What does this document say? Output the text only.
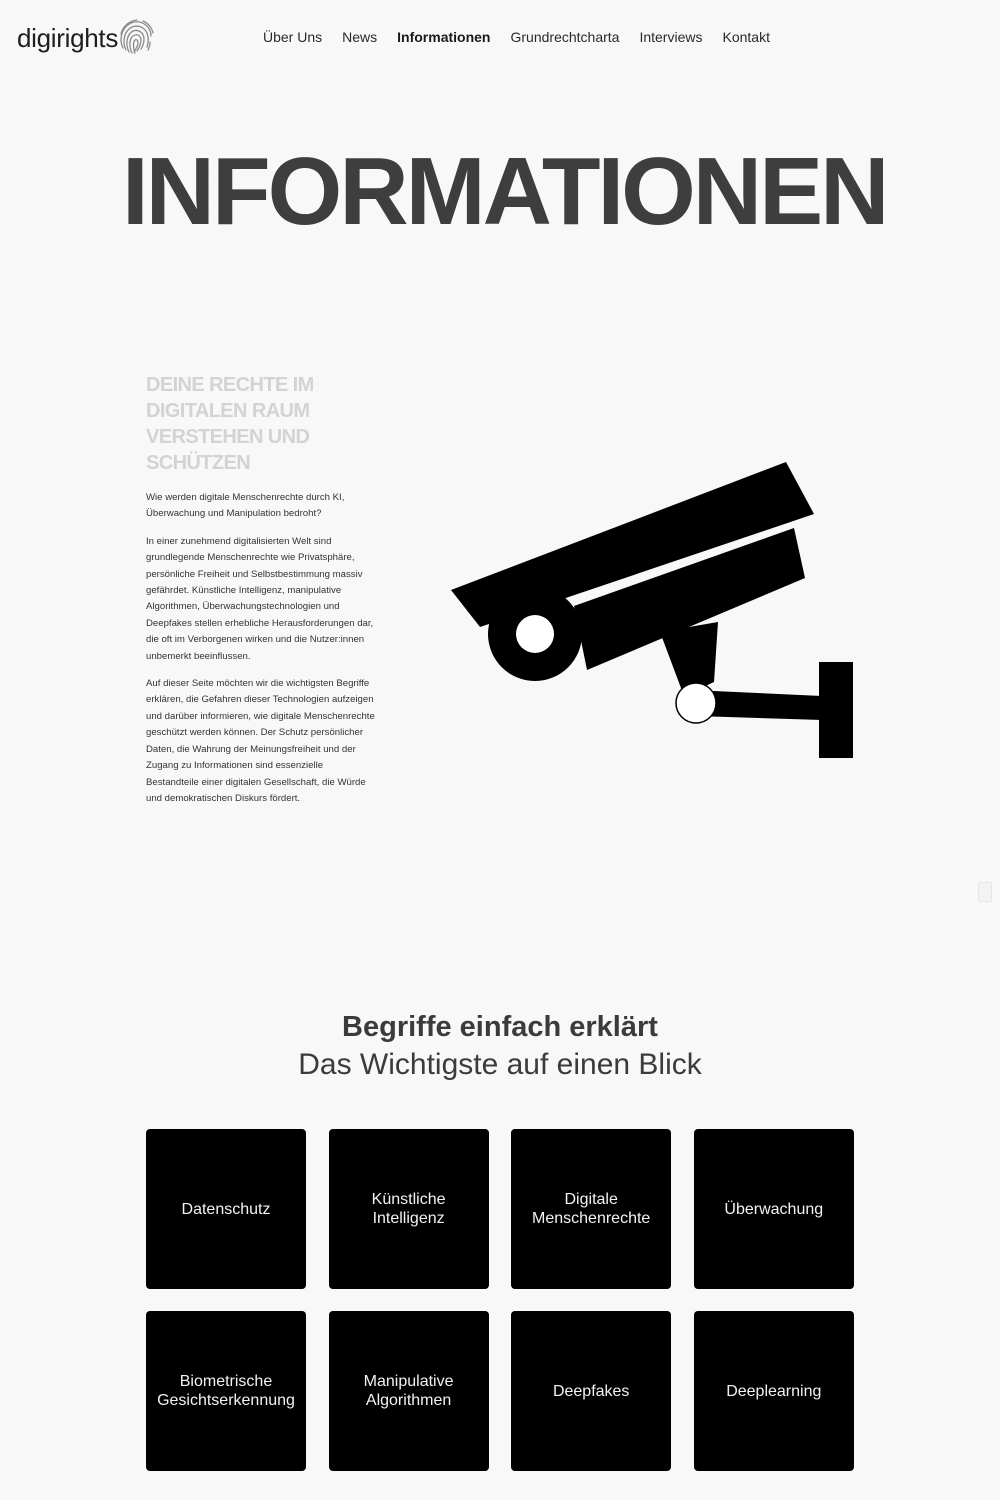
digirights	Über Uns News Informationen Grundrechtcharta Interviews Kontakt
INFORMATIONEN
DEINE RECHTE IM DIGITALEN RAUM VERSTEHEN UND SCHÜTZEN

Wie werden digitale Menschenrechte durch KI, Überwachung und Manipulation bedroht?

In einer zunehmend digitalisierten Welt sind grundlegende Menschenrechte wie Privatsphäre, persönliche Freiheit und Selbstbestimmung massiv gefährdet. Künstliche Intelligenz, manipulative Algorithmen, Überwachungstechnologien und Deepfakes stellen erhebliche Herausforderungen dar, die oft im Verborgenen wirken und die Nutzer:innen unbemerkt beeinflussen.

Auf dieser Seite möchten wir die wichtigsten Begriffe erklären, die Gefahren dieser Technologien aufzeigen und darüber informieren, wie digitale Menschenrechte geschützt werden können. Der Schutz persönlicher Daten, die Wahrung der Meinungsfreiheit und der Zugang zu Informationen sind essenzielle Bestandteile einer digitalen Gesellschaft, die Würde und demokratischen Diskurs fördert.

Begriffe einfach erklärt
Das Wichtigste auf einen Blick
Datenschutz
Künstliche Intelligenz
Digitale Menschenrechte
Überwachung
Biometrische Gesichtserkennung
Manipulative Algorithmen
Deepfakes	Deeplearning
